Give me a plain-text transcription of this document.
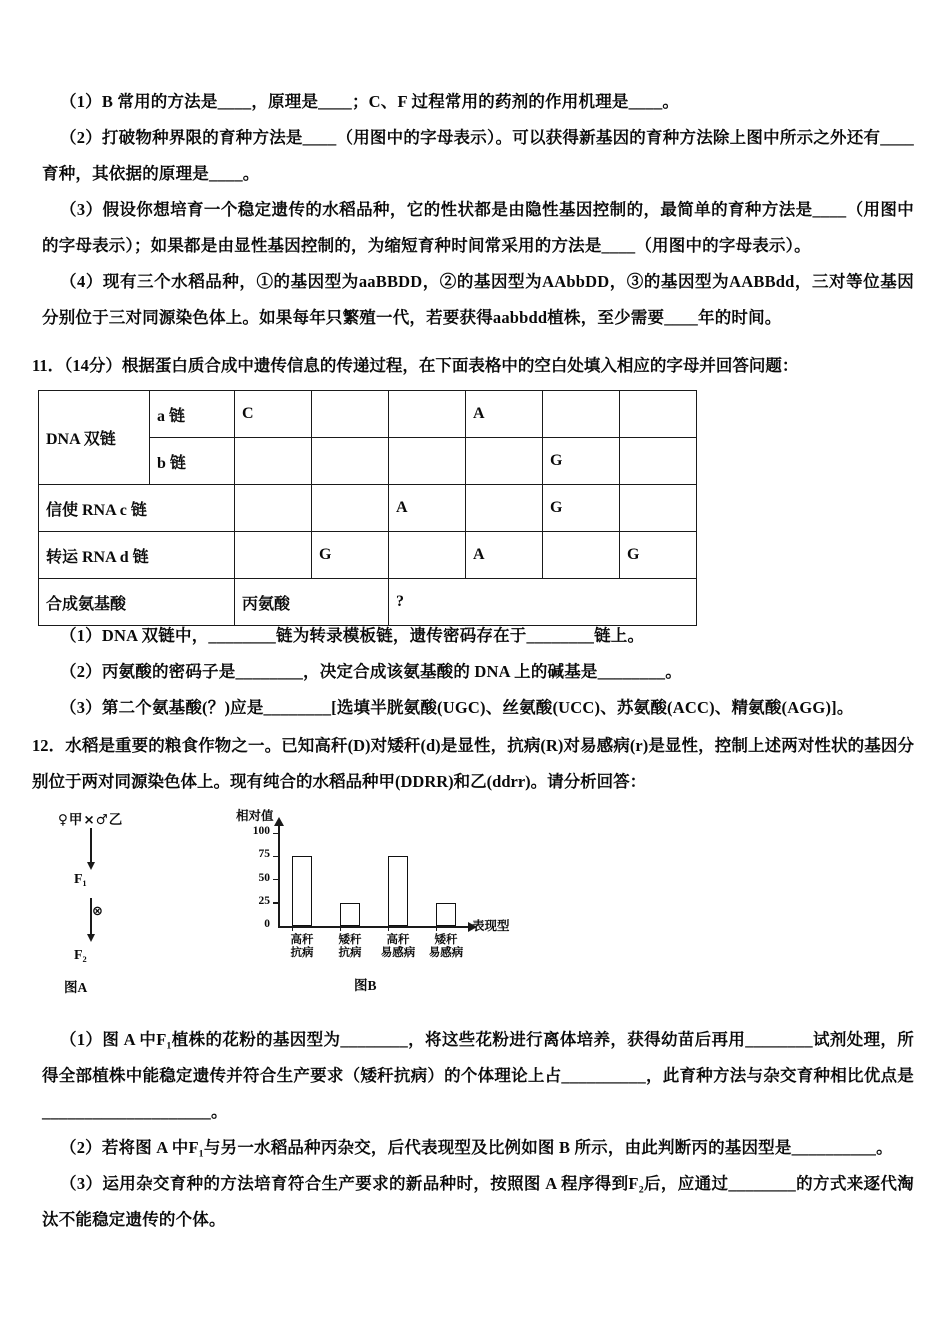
（1）B 常用的方法是____，原理是____；C、F 过程常用的药剂的作用机理是____。

（2）打破物种界限的育种方法是____（用图中的字母表示）。可以获得新基因的育种方法除上图中所示之外还有____育种，其依据的原理是____。

（3）假设你想培育一个稳定遗传的水稻品种，它的性状都是由隐性基因控制的，最简单的育种方法是____（用图中的字母表示）；如果都是由显性基因控制的，为缩短育种时间常采用的方法是____（用图中的字母表示）。

（4）现有三个水稻品种，①的基因型为aaBBDD，②的基因型为AAbbDD，③的基因型为AABBdd，三对等位基因分别位于三对同源染色体上。如果每年只繁殖一代，若要获得aabbdd植株，至少需要____年的时间。

11．（14分）根据蛋白质合成中遗传信息的传递过程，在下面表格中的空白处填入相应的字母并回答问题：

DNA 双链	a 链	C			A		
	b 链					G	
信使 RNA c 链				A		G	
转运 RNA d 链			G		A		G
合成氨基酸		丙氨酸		?			

（1）DNA 双链中，________链为转录模板链，遗传密码存在于________链上。

（2）丙氨酸的密码子是________，决定合成该氨基酸的 DNA 上的碱基是________。

（3）第二个氨基酸(？)应是________[选填半胱氨酸(UGC)、丝氨酸(UCC)、苏氨酸(ACC)、精氨酸(AGG)]。

12．水稻是重要的粮食作物之一。已知高秆(D)对矮秆(d)是显性，抗病(R)对易感病(r)是显性，控制上述两对性状的基因分别位于两对同源染色体上。现有纯合的水稻品种甲(DDRR)和乙(ddrr)。请分析回答：

♀甲×♂乙
F₁
⊗
F₂
图A
相对值
表现型
0
25
50
75
100
高秆
抗病
矮秆
抗病
高秆
易感病
矮秆
易感病
图B

（1）图 A 中F₁植株的花粉的基因型为________，将这些花粉进行离体培养，获得幼苗后再用________试剂处理，所得全部植株中能稳定遗传并符合生产要求（矮秆抗病）的个体理论上占__________，此育种方法与杂交育种相比优点是____________________。

（2）若将图 A 中F₁与另一水稻品种丙杂交，后代表现型及比例如图 B 所示，由此判断丙的基因型是__________。

（3）运用杂交育种的方法培育符合生产要求的新品种时，按照图 A 程序得到F₂后，应通过________的方式来逐代淘汰不能稳定遗传的个体。
